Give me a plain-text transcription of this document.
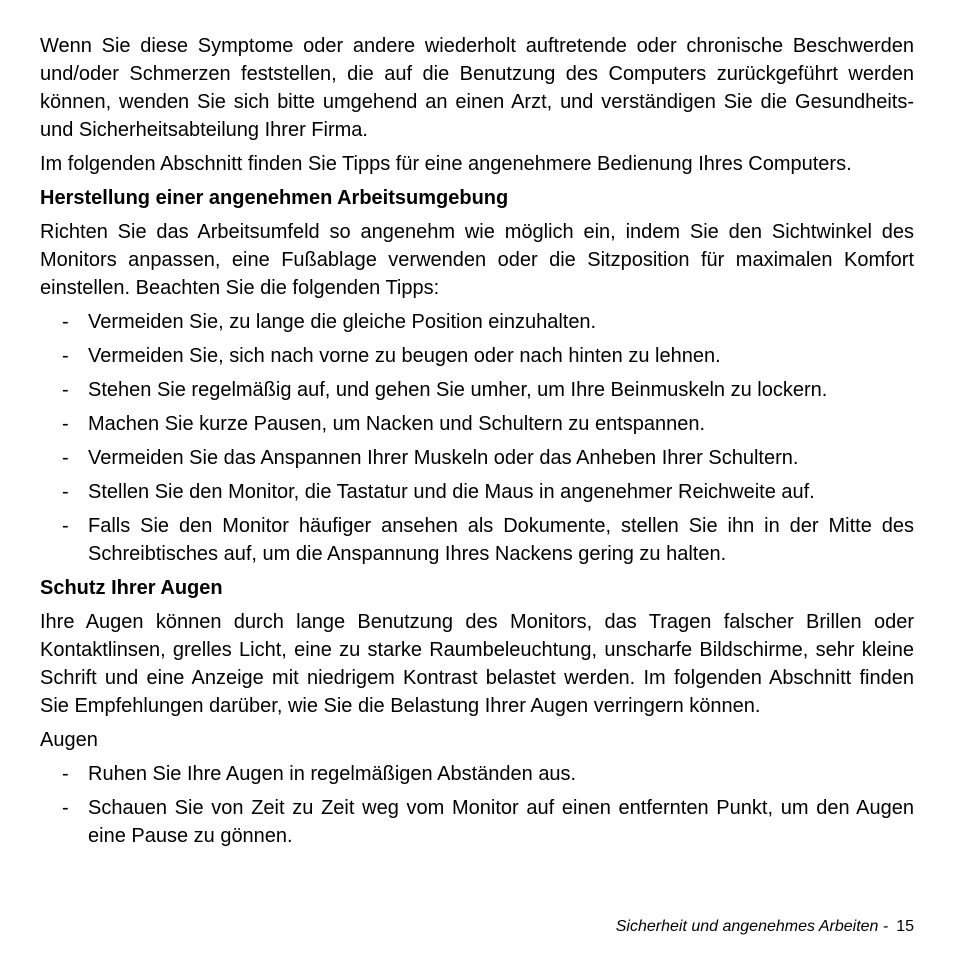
Wenn Sie diese Symptome oder andere wiederholt auftretende oder chronische Beschwerden und/oder Schmerzen feststellen, die auf die Benutzung des Computers zurückgeführt werden können, wenden Sie sich bitte umgehend an einen Arzt, und verständigen Sie die Gesundheits- und Sicherheitsabteilung Ihrer Firma.

Im folgenden Abschnitt finden Sie Tipps für eine angenehmere Bedienung Ihres Computers.

Herstellung einer angenehmen Arbeitsumgebung

Richten Sie das Arbeitsumfeld so angenehm wie möglich ein, indem Sie den Sichtwinkel des Monitors anpassen, eine Fußablage verwenden oder die Sitzposition für maximalen Komfort einstellen. Beachten Sie die folgenden Tipps:

- Vermeiden Sie, zu lange die gleiche Position einzuhalten.
- Vermeiden Sie, sich nach vorne zu beugen oder nach hinten zu lehnen.
- Stehen Sie regelmäßig auf, und gehen Sie umher, um Ihre Beinmuskeln zu lockern.
- Machen Sie kurze Pausen, um Nacken und Schultern zu entspannen.
- Vermeiden Sie das Anspannen Ihrer Muskeln oder das Anheben Ihrer Schultern.
- Stellen Sie den Monitor, die Tastatur und die Maus in angenehmer Reichweite auf.
- Falls Sie den Monitor häufiger ansehen als Dokumente, stellen Sie ihn in der Mitte des Schreibtisches auf, um die Anspannung Ihres Nackens gering zu halten.
Schutz Ihrer Augen

Ihre Augen können durch lange Benutzung des Monitors, das Tragen falscher Brillen oder Kontaktlinsen, grelles Licht, eine zu starke Raumbeleuchtung, unscharfe Bildschirme, sehr kleine Schrift und eine Anzeige mit niedrigem Kontrast belastet werden. Im folgenden Abschnitt finden Sie Empfehlungen darüber, wie Sie die Belastung Ihrer Augen verringern können.

Augen
- Ruhen Sie Ihre Augen in regelmäßigen Abständen aus.
- Schauen Sie von Zeit zu Zeit weg vom Monitor auf einen entfernten Punkt, um den Augen eine Pause zu gönnen.
Sicherheit und angenehmes Arbeiten - 15
